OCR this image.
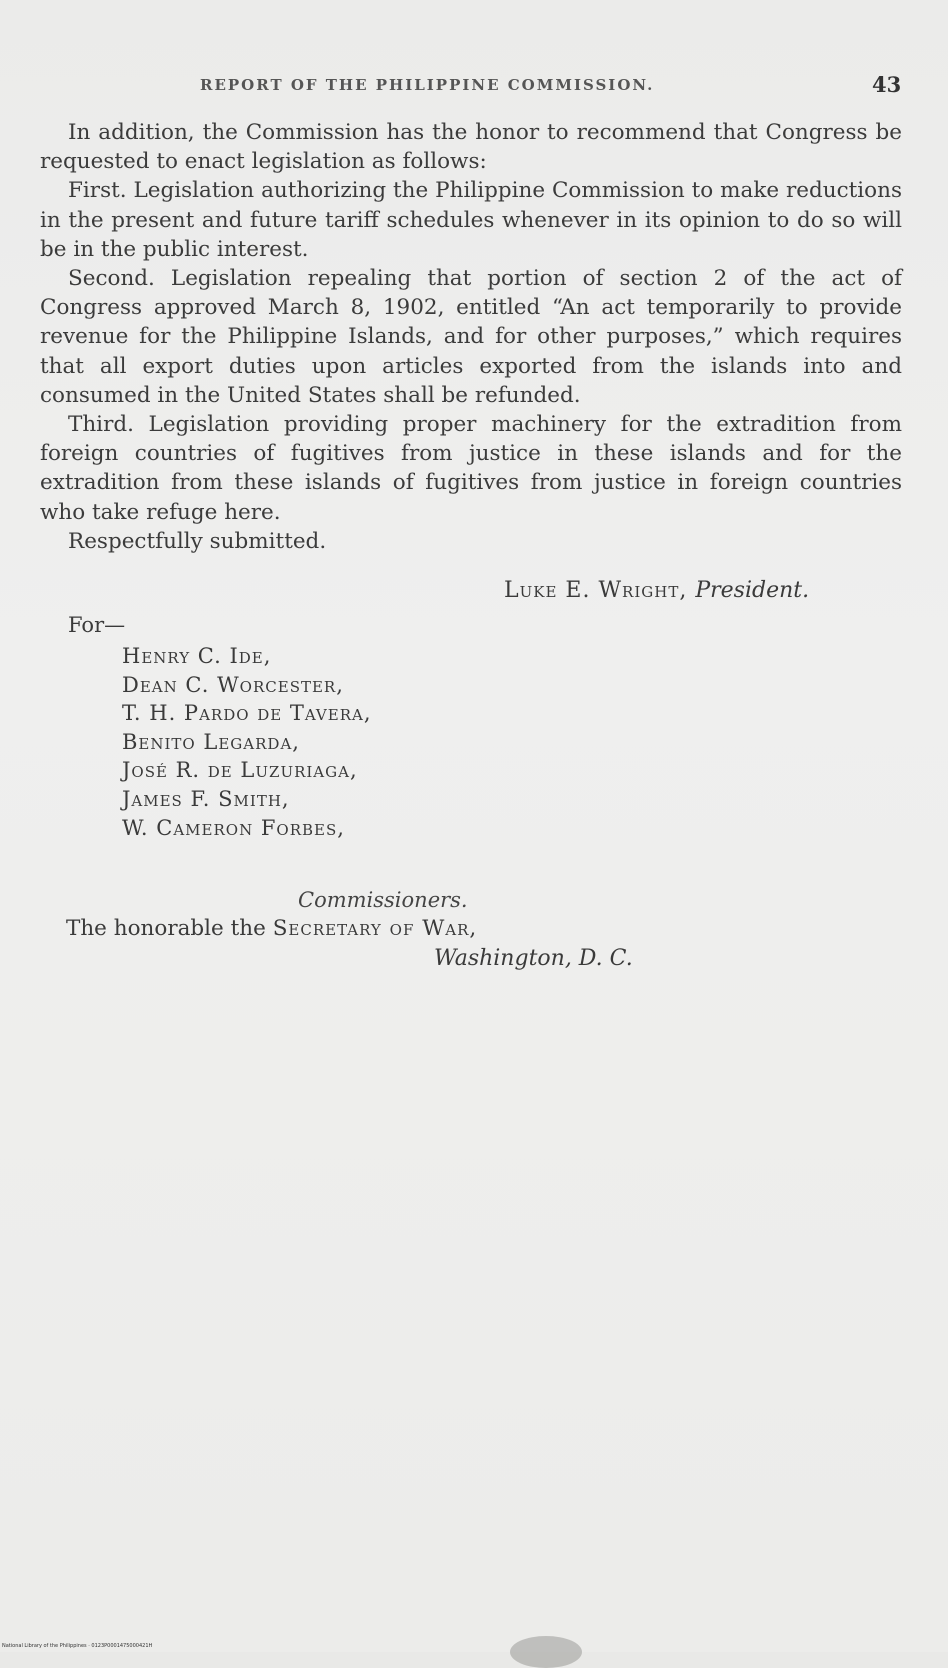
REPORT OF THE PHILIPPINE COMMISSION.	43

In addition, the Commission has the honor to recommend that Congress be requested to enact legislation as follows:

First. Legislation authorizing the Philippine Commission to make reductions in the present and future tariff schedules whenever in its opinion to do so will be in the public interest.

Second. Legislation repealing that portion of section 2 of the act of Congress approved March 8, 1902, entitled “An act temporarily to provide revenue for the Philippine Islands, and for other purposes,” which requires that all export duties upon articles exported from the islands into and consumed in the United States shall be refunded.

Third. Legislation providing proper machinery for the extradition from foreign countries of fugitives from justice in these islands and for the extradition from these islands of fugitives from justice in foreign countries who take refuge here.

Respectfully submitted.

Luke E. Wright, President.
For—
Henry C. Ide,
Dean C. Worcester,
T. H. Pardo de Tavera,
Benito Legarda,
José R. de Luzuriaga,
James F. Smith,
W. Cameron Forbes,
Commissioners.
The honorable the Secretary of War,
Washington, D. C.
National Library of the Philippines · 0123P0001475000421H
